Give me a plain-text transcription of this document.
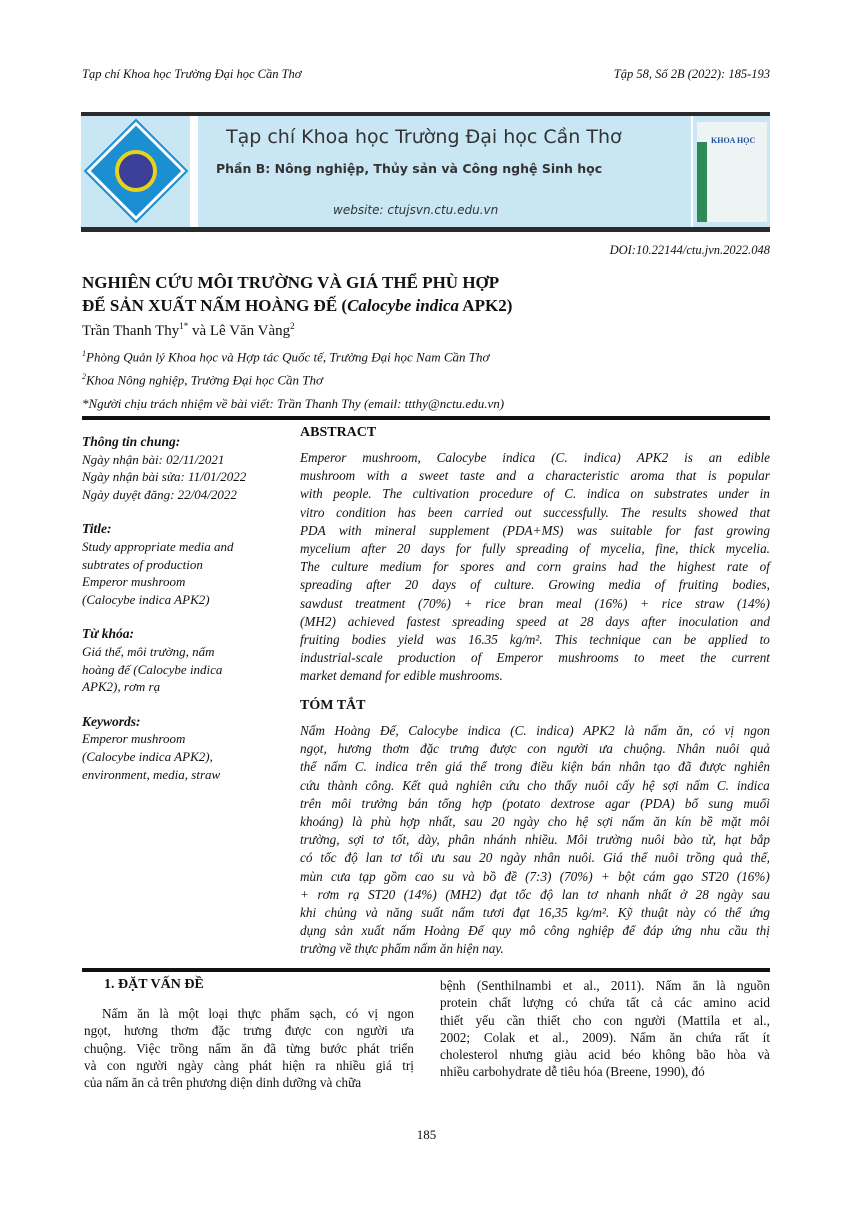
Tạp chí Khoa học Trường Đại học Cần Thơ	Tập 58, Số 2B (2022): 185-193
Tạp chí Khoa học Trường Đại học Cần Thơ
Phần B: Nông nghiệp, Thủy sản và Công nghệ Sinh học
website: ctujsvn.ctu.edu.vn
KHOA HỌC
DOI:10.22144/ctu.jvn.2022.048
NGHIÊN CỨU MÔI TRƯỜNG VÀ GIÁ THỂ PHÙ HỢP
ĐỂ SẢN XUẤT NẤM HOÀNG ĐẾ (Calocybe indica APK2)
Trần Thanh Thy$^{1*}$ và Lê Văn Vàng$^2$
$^1$Phòng Quản lý Khoa học và Hợp tác Quốc tế, Trường Đại học Nam Cần Thơ
$^2$Khoa Nông nghiệp, Trường Đại học Cần Thơ
*Người chịu trách nhiệm về bài viết: Trần Thanh Thy (email: ttthy@nctu.edu.vn)
Thông tin chung:

Ngày nhận bài: 02/11/2021

Ngày nhận bài sửa: 11/01/2022

Ngày duyệt đăng: 22/04/2022

Title:

Study appropriate media and

subtrates of production

Emperor mushroom

(Calocybe indica APK2)

Từ khóa:

Giá thể, môi trường, nấm

hoàng đế (Calocybe indica

APK2), rơm rạ

Keywords:

Emperor mushroom

(Calocybe indica APK2),

environment, media, straw

ABSTRACT
Emperor mushroom, Calocybe indica (C. indica) APK2 is an edible
mushroom with a sweet taste and a characteristic aroma that is popular
with people. The cultivation procedure of C. indica on substrates under in
vitro condition has been carried out successfully. The results showed that
PDA with mineral supplement (PDA+MS) was suitable for fast growing
mycelium after 20 days for fully spreading of mycelia, fine, thick mycelia.
The culture medium for spores and corn grains had the highest rate of
spreading after 20 days of culture. Growing media of fruiting bodies,
sawdust treatment (70%) + rice bran meal (16%) + rice straw (14%)
(MH2) achieved fastest spreading speed at 28 days after inoculation and
fruiting bodies yield was 16.35 kg/m². This technique can be applied to
industrial-scale production of Emperor mushrooms to meet the current
market demand for edible mushrooms.
TÓM TẮT
Nấm Hoàng Đế, Calocybe indica (C. indica) APK2 là nấm ăn, có vị ngon
ngọt, hương thơm đặc trưng được con người ưa chuộng. Nhân nuôi quả
thể nấm C. indica trên giá thể trong điều kiện bán nhân tạo đã được nghiên
cứu thành công. Kết quả nghiên cứu cho thấy nuôi cấy hệ sợi nấm C. indica
trên môi trường bán tổng hợp (potato dextrose agar (PDA) bổ sung muối
khoáng) là phù hợp nhất, sau 20 ngày cho hệ sợi nấm ăn kín bề mặt môi
trường, sợi tơ tốt, dày, phân nhánh nhiều. Môi trường nuôi bào tử, hạt bắp
có tốc độ lan tơ tối ưu sau 20 ngày nhân nuôi. Giá thể nuôi trồng quả thể,
mùn cưa tạp gồm cao su và bồ đề (7:3) (70%) + bột cám gạo ST20 (16%)
+ rơm rạ ST20 (14%) (MH2) đạt tốc độ lan tơ nhanh nhất ở 28 ngày sau
khi chủng và năng suất nấm tươi đạt 16,35 kg/m². Kỹ thuật này có thể ứng
dụng sản xuất nấm Hoàng Đế quy mô công nghiệp để đáp ứng nhu cầu thị
trường về thực phẩm nấm ăn hiện nay.
1. ĐẶT VẤN ĐỀ
Nấm ăn là một loại thực phẩm sạch, có vị ngon
ngọt, hương thơm đặc trưng được con người ưa
chuộng. Việc trồng nấm ăn đã từng bước phát triển
và con người ngày càng phát hiện ra nhiều giá trị
của nấm ăn cả trên phương diện dinh dưỡng và chữa
bệnh (Senthilnambi et al., 2011). Nấm ăn là nguồn
protein chất lượng có chứa tất cả các amino acid
thiết yếu cần thiết cho con người (Mattila et al.,
2002; Colak et al., 2009). Nấm ăn chứa rất ít
cholesterol nhưng giàu acid béo không bão hòa và
nhiều carbohydrate dễ tiêu hóa (Breene, 1990), đó
185
